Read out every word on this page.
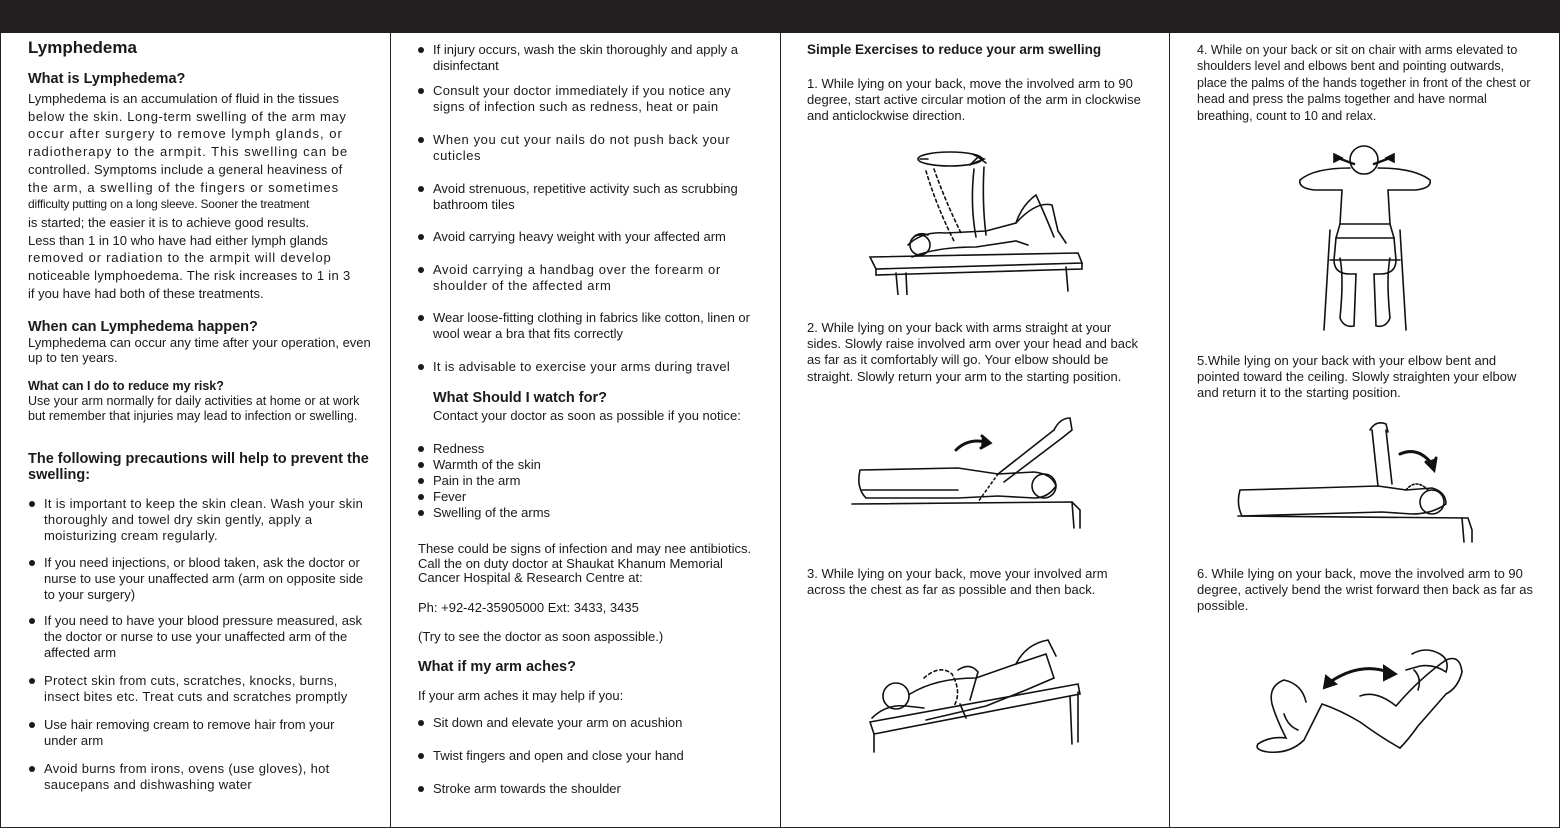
Lymphedema
What is Lymphedema?
Lymphedema is an accumulation of fluid in the tissues
below the skin. Long-term swelling of the arm may
occur after surgery to remove lymph glands, or
radiotherapy to the armpit. This swelling can be
controlled. Symptoms include a general heaviness of
the arm, a swelling of the fingers or sometimes
difficulty putting on a long sleeve. Sooner the treatment
is started; the easier it is to achieve good results.
Less than 1 in 10 who have had either lymph glands
removed or radiation to the armpit will develop
noticeable lymphoedema. The risk increases to 1 in 3
if you have had both of these treatments.
When can Lymphedema happen?
Lymphedema can occur any time after your operation, even up to ten years.
What can I do to reduce my risk?
Use your arm normally for daily activities at home or at work but remember that injuries may lead to infection or swelling.
The following precautions will help to prevent the swelling:
It is important to keep the skin clean. Wash your skin thoroughly and towel dry skin gently, apply a moisturizing cream regularly.
If you need injections, or blood taken, ask the doctor or nurse to use your unaffected arm (arm on opposite side to your surgery)
If you need to have your blood pressure measured, ask the doctor or nurse to use your unaffected arm of the affected arm
Protect skin from cuts, scratches, knocks, burns, insect bites etc. Treat cuts and scratches promptly
Use hair removing cream to remove hair from your under arm
Avoid burns from irons, ovens (use gloves), hot saucepans and dishwashing water
If injury occurs, wash the skin thoroughly and apply a disinfectant
Consult your doctor immediately if you notice any signs of infection such as redness, heat or pain
When you cut your nails do not push back your cuticles
Avoid strenuous, repetitive activity such as scrubbing bathroom tiles
Avoid carrying heavy weight with your affected arm
Avoid carrying a handbag over the forearm or shoulder of the affected arm
Wear loose-fitting clothing in fabrics like cotton, linen or wool wear a bra that fits correctly
It is advisable to exercise your arms during travel
What Should I watch for?
Contact your doctor as soon as possible if you notice:
Redness
Warmth of the skin
Pain in the arm
Fever
Swelling of the arms
These could be signs of infection and may nee antibiotics. Call the on duty doctor at Shaukat Khanum Memorial Cancer Hospital & Research Centre at:
Ph: +92-42-35905000 Ext: 3433, 3435
(Try to see the doctor as soon aspossible.)
What if my arm aches?
If your arm aches it may help if you:
Sit down and elevate your arm on acushion
Twist fingers and open and close your hand
Stroke arm towards the shoulder
Simple Exercises to reduce your arm swelling
1. While lying on your back, move the involved arm to 90 degree, start active circular motion of the arm in clockwise and anticlockwise direction.
2. While lying on your back with arms straight at your sides. Slowly raise involved arm over your head and back as far as it comfortably will go. Your elbow should be straight. Slowly return your arm to the starting position.
3. While lying on your back, move your involved arm across the chest as far as possible and then back.
4. While on your back or sit on chair with arms elevated to shoulders level and elbows bent and pointing outwards, place the palms of the hands together in front of the chest or head and press the palms together and have normal breathing, count to 10 and relax.
5.While lying on your back with your elbow bent and pointed toward the ceiling. Slowly straighten your elbow and return it to the starting position.
6. While lying on your back, move the involved arm to 90 degree, actively bend the wrist forward then back as far as possible.
